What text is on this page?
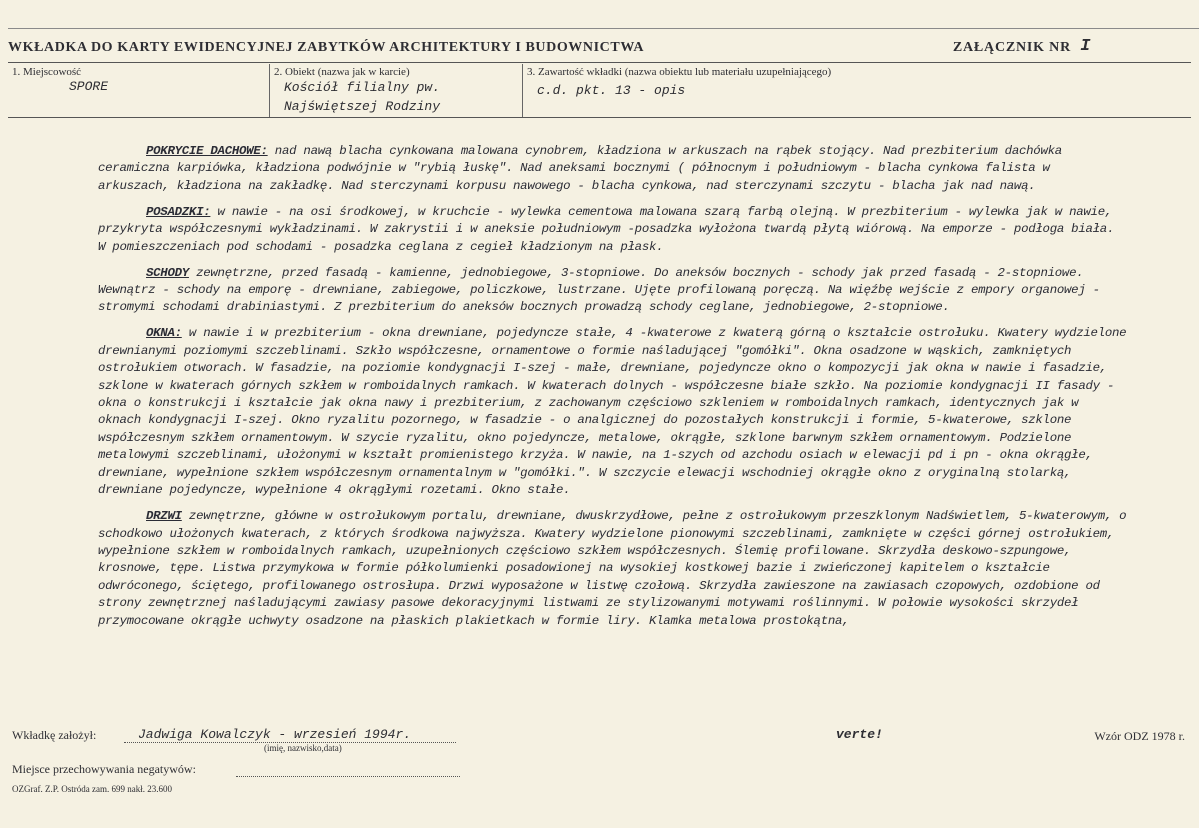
WKŁADKA DO KARTY EWIDENCYJNEJ ZABYTKÓW ARCHITEKTURY I BUDOWNICTWA	ZAŁĄCZNIK NR I
1. Miejscowość
SPORE
2. Obiekt (nazwa jak w karcie)
Kościół filialny pw.
Najświętszej Rodziny
3. Zawartość wkładki (nazwa obiektu lub materiału uzupełniającego)
c.d. pkt. 13 - opis

POKRYCIE DACHOWE: nad nawą blacha cynkowana malowana cynobrem, kładziona w arkuszach na rąbek stojący. Nad prezbiterium dachówka ceramiczna karpiówka, kładziona podwójnie w "rybią łuskę". Nad aneksami bocznymi ( północnym i południowym - blacha cynkowa falista w arkuszach, kładziona na zakładkę. Nad sterczynami korpusu nawowego - blacha cynkowa, nad sterczynami szczytu - blacha jak nad nawą.

POSADZKI: w nawie - na osi środkowej, w kruchcie - wylewka cementowa malowana szarą farbą olejną. W prezbiterium - wylewka jak w nawie, przykryta współczesnymi wykładzinami. W zakrystii i w aneksie południowym -posadzka wyłożona twardą płytą wiórową. Na emporze - podłoga biała. W pomieszczeniach pod schodami - posadzka ceglana z cegieł kładzionym na płask.

SCHODY zewnętrzne, przed fasadą - kamienne, jednobiegowe, 3-stopniowe. Do aneksów bocznych - schody jak przed fasadą - 2-stopniowe. Wewnątrz - schody na emporę - drewniane, zabiegowe, policzkowe, lustrzane. Ujęte profilowaną poręczą. Na więźbę wejście z empory organowej - stromymi schodami drabiniastymi. Z prezbiterium do aneksów bocznych prowadzą schody ceglane, jednobiegowe, 2-stopniowe.

OKNA: w nawie i w prezbiterium - okna drewniane, pojedyncze stałe, 4 -kwaterowe z kwaterą górną o kształcie ostrołuku. Kwatery wydzielone drewnianymi poziomymi szczeblinami. Szkło współczesne, ornamentowe o formie naśladującej "gomółki". Okna osadzone w wąskich, zamkniętych ostrołukiem otworach. W fasadzie, na poziomie kondygnacji I-szej - małe, drewniane, pojedyncze okno o kompozycji jak okna w nawie i fasadzie, szklone w kwaterach górnych szkłem w romboidalnych ramkach. W kwaterach dolnych - współczesne białe szkło. Na poziomie kondygnacji II fasady - okna o konstrukcji i kształcie jak okna nawy i prezbiterium, z zachowanym częściowo szkleniem w romboidalnych ramkach, identycznych jak w oknach kondygnacji I-szej. Okno ryzalitu pozornego, w fasadzie - o analgicznej do pozostałych konstrukcji i formie, 5-kwaterowe, szklone współczesnym szkłem ornamentowym. W szycie ryzalitu, okno pojedyncze, metalowe, okrągłe, szklone barwnym szkłem ornamentowym. Podzielone metalowymi szczeblinami, ułożonymi w kształt promienistego krzyża. W nawie, na 1-szych od azchodu osiach w elewacji pd i pn - okna okrągłe, drewniane, wypełnione szkłem współczesnym ornamentalnym w "gomółki.". W szczycie elewacji wschodniej okrągłe okno z oryginalną stolarką, drewniane pojedyncze, wypełnione 4 okrągłymi rozetami. Okno stałe.

DRZWI zewnętrzne, główne w ostrołukowym portalu, drewniane, dwuskrzydłowe, pełne z ostrołukowym przeszklonym Nadświetlem, 5-kwaterowym, o schodkowo ułożonych kwaterach, z których środkowa najwyższa. Kwatery wydzielone pionowymi szczeblinami, zamknięte w części górnej ostrołukiem, wypełnione szkłem w romboidalnych ramkach, uzupełnionych częściowo szkłem współczesnych. Ślemię profilowane. Skrzydła deskowo-szpungowe, krosnowe, tępe. Listwa przymykowa w formie półkolumienki posadowionej na wysokiej kostkowej bazie i zwieńczonej kapitelem o kształcie odwróconego, ściętego, profilowanego ostrosłupa. Drzwi wyposażone w listwę czołową. Skrzydła zawieszone na zawiasach czopowych, ozdobione od strony zewnętrznej naśladującymi zawiasy pasowe dekoracyjnymi listwami ze stylizowanymi motywami roślinnymi. W połowie wysokości skrzydeł przymocowane okrągłe uchwyty osadzone na płaskich plakietkach w formie liry. Klamka metalowa prostokątna,

Wkładkę założył:	Jadwiga Kowalczyk - wrzesień 1994r.
(imię, nazwisko,data)
verte!	Wzór ODZ 1978 r.
Miejsce przechowywania negatywów:
OZGraf. Z.P. Ostróda zam. 699 nakł. 23.600
